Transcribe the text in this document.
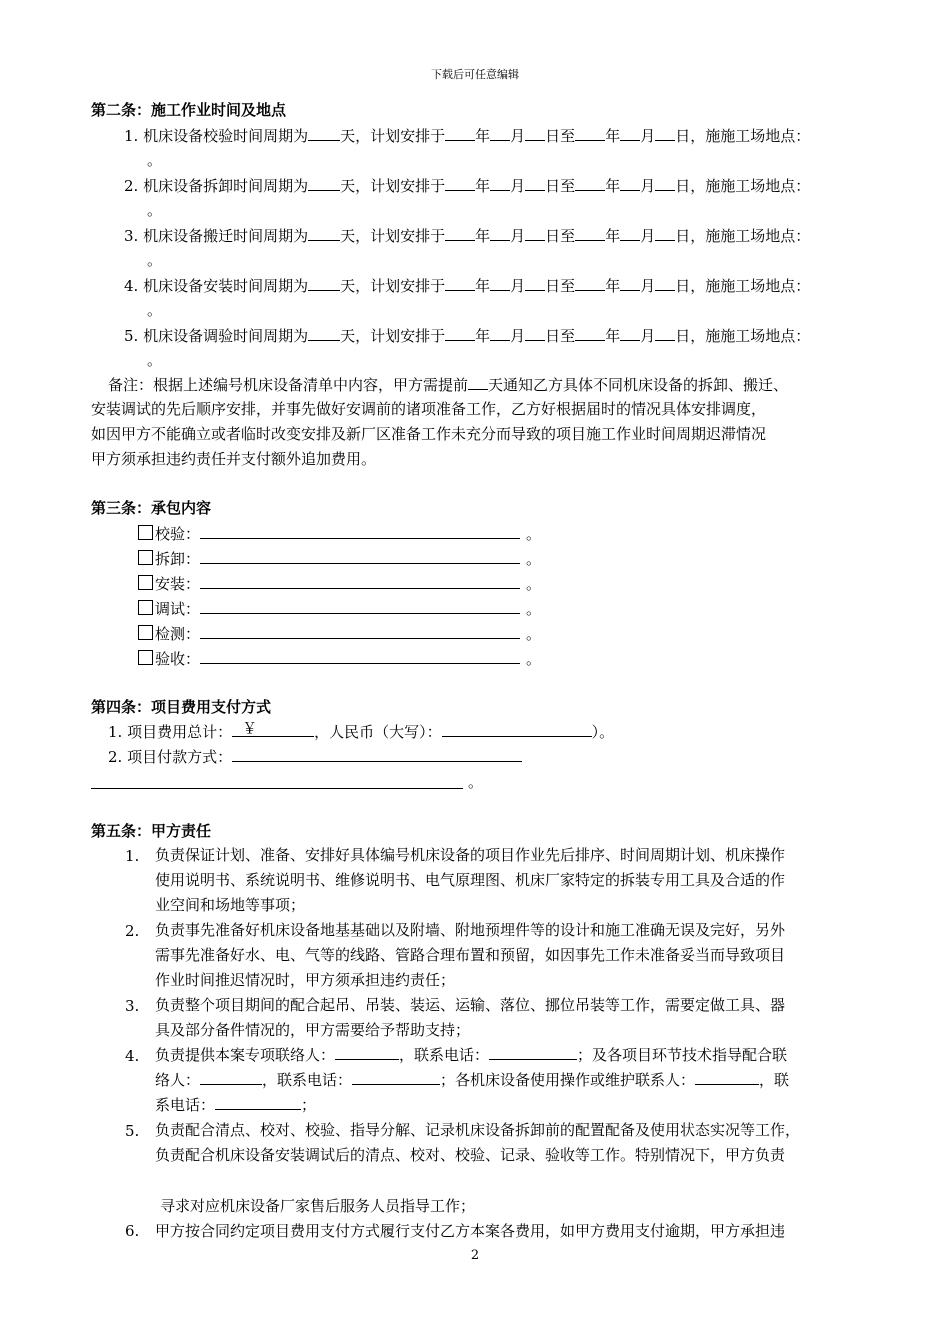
下载后可任意编辑
第二条：施工作业时间及地点
1. 机床设备校验时间周期为 天，计划安排于 年 月 日至 年 月 日，施施工场地点：
。
2. 机床设备拆卸时间周期为 天，计划安排于 年 月 日至 年 月 日，施施工场地点：
。
3. 机床设备搬迁时间周期为 天，计划安排于 年 月 日至 年 月 日，施施工场地点：
。
4. 机床设备安装时间周期为 天，计划安排于 年 月 日至 年 月 日，施施工场地点：
。
5. 机床设备调验时间周期为 天，计划安排于 年 月 日至 年 月 日，施施工场地点：
。
备注：根据上述编号机床设备清单中内容，甲方需提前 天通知乙方具体不同机床设备的拆卸、搬迁、
安装调试的先后顺序安排，并事先做好安调前的诸项准备工作，乙方好根据届时的情况具体安排调度，
如因甲方不能确立或者临时改变安排及新厂区准备工作未充分而导致的项目施工作业时间周期迟滞情况
甲方须承担违约责任并支付额外追加费用。
第三条：承包内容
校验：	。
拆卸：	。
安装：	。
调试：	。
检测：	。
验收：	。
第四条：项目费用支付方式
1. 项目费用总计： ￥	，人民币（大写）：	）。
2. 项目付款方式：
。
第五条：甲方责任
1. 负责保证计划、准备、安排好具体编号机床设备的项目作业先后排序、时间周期计划、机床操作
使用说明书、系统说明书、维修说明书、电气原理图、机床厂家特定的拆装专用工具及合适的作
业空间和场地等事项；
2. 负责事先准备好机床设备地基基础以及附墙、附地预埋件等的设计和施工准确无误及完好，另外
需事先准备好水、电、气等的线路、管路合理布置和预留，如因事先工作未准备妥当而导致项目
作业时间推迟情况时，甲方须承担违约责任；
3. 负责整个项目期间的配合起吊、吊装、装运、运输、落位、挪位吊装等工作，需要定做工具、器
具及部分备件情况的，甲方需要给予帮助支持；
4. 负责提供本案专项联络人：	，联系电话：	；及各项目环节技术指导配合联
络人：	，联系电话：	；各机床设备使用操作或维护联系人：	，联
系电话：	；
5. 负责配合清点、校对、校验、指导分解、记录机床设备拆卸前的配置配备及使用状态实况等工作，
负责配合机床设备安装调试后的清点、校对、校验、记录、验收等工作。特别情况下，甲方负责
寻求对应机床设备厂家售后服务人员指导工作；
6. 甲方按合同约定项目费用支付方式履行支付乙方本案各费用，如甲方费用支付逾期，甲方承担违
2
